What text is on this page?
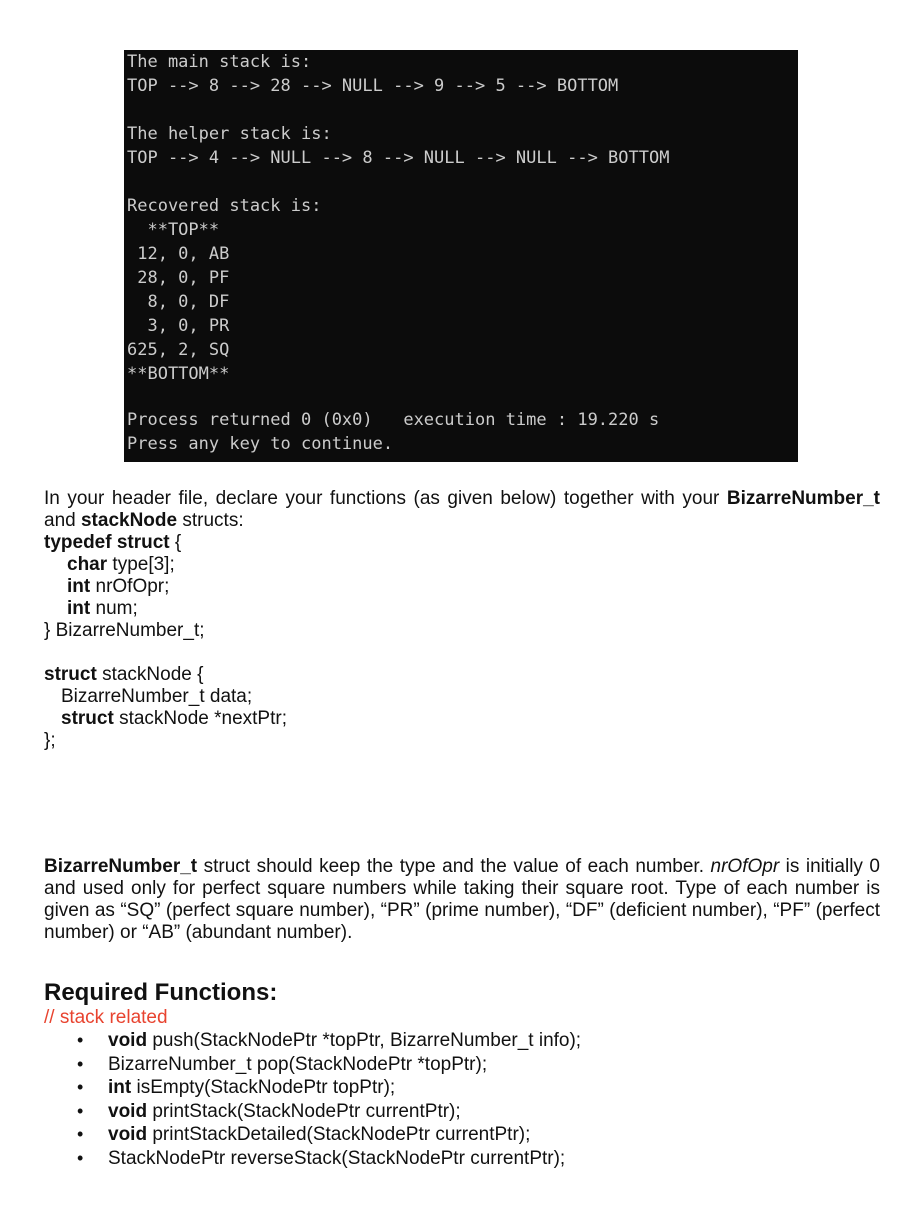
The main stack is:
TOP --> 8 --> 28 --> NULL --> 9 --> 5 --> BOTTOM
The helper stack is:
TOP --> 4 --> NULL --> 8 --> NULL --> NULL --> BOTTOM
Recovered stack is:
**TOP**
12, 0, AB
28, 0, PF
8, 0, DF
3, 0, PR
625, 2, SQ
**BOTTOM**
Process returned 0 (0x0)   execution time : 19.220 s
Press any key to continue.
In your header file, declare your functions (as given below) together with your BizarreNumber_t and stackNode structs:
typedef struct {
char type[3];
int nrOfOpr;
int num;
} BizarreNumber_t;
struct stackNode {
BizarreNumber_t data;
struct stackNode *nextPtr;
};
BizarreNumber_t struct should keep the type and the value of each number. nrOfOpr is initially 0 and used only for perfect square numbers while taking their square root. Type of each number is given as “SQ” (perfect square number), “PR” (prime number), “DF” (deficient number), “PF” (perfect number) or “AB” (abundant number).
Required Functions:
// stack related
• void push(StackNodePtr *topPtr, BizarreNumber_t info);
• BizarreNumber_t pop(StackNodePtr *topPtr);
• int isEmpty(StackNodePtr topPtr);
• void printStack(StackNodePtr currentPtr);
• void printStackDetailed(StackNodePtr currentPtr);
• StackNodePtr reverseStack(StackNodePtr currentPtr);
